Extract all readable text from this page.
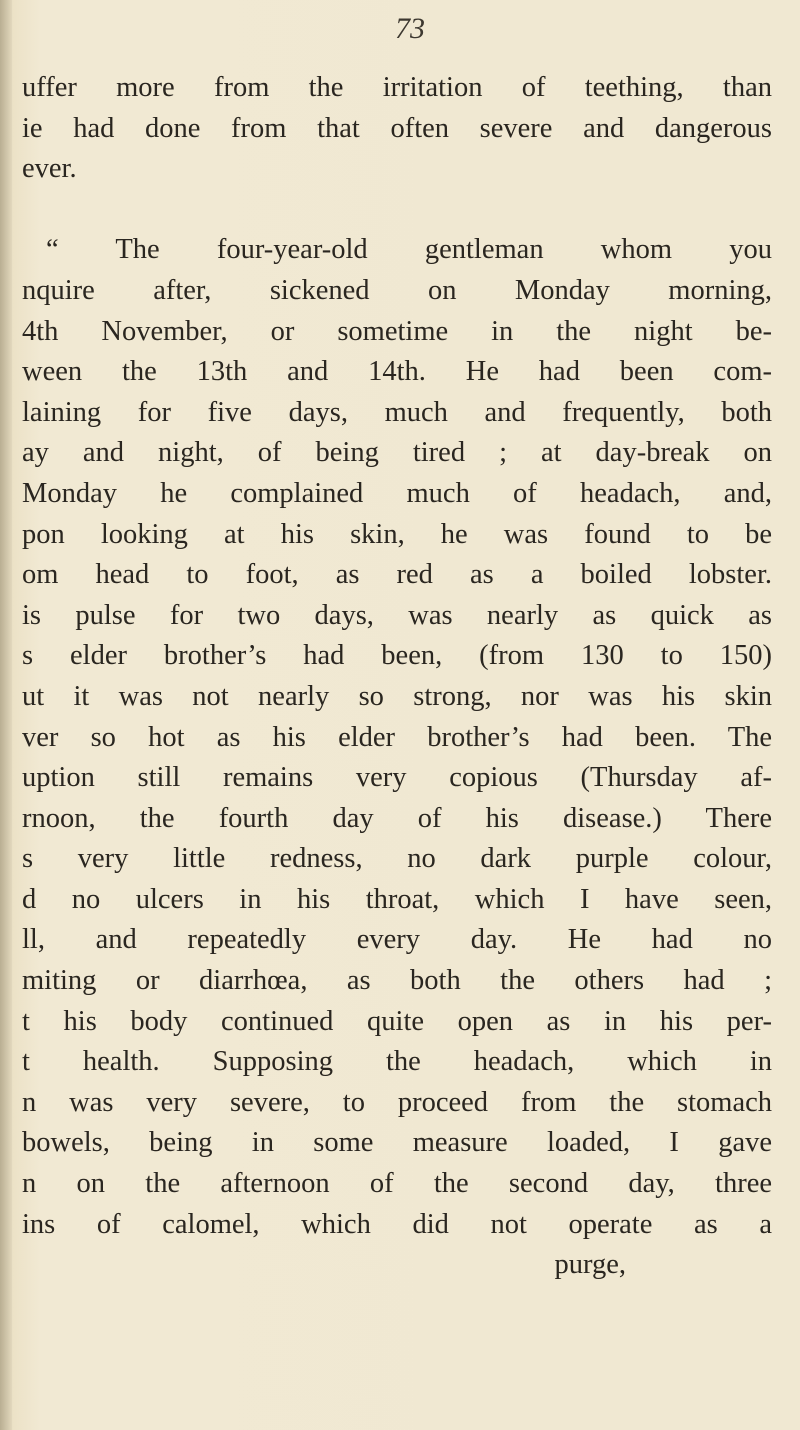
73
uffer more from the irritation of teething, than
ie had done from that often severe and dangerous
ever.
“ The four-year-old gentleman whom you
nquire after, sickened on Monday morning,
4th November, or sometime in the night be-
ween the 13th and 14th. He had been com-
laining for five days, much and frequently, both
ay and night, of being tired ; at day-break on
Monday he complained much of headach, and,
pon looking at his skin, he was found to be
om head to foot, as red as a boiled lobster.
is pulse for two days, was nearly as quick as
s elder brother’s had been, (from 130 to 150)
ut it was not nearly so strong, nor was his skin
ver so hot as his elder brother’s had been. The
uption still remains very copious (Thursday af-
rnoon, the fourth day of his disease.) There
s very little redness, no dark purple colour,
d no ulcers in his throat, which I have seen,
ll, and repeatedly every day. He had no
miting or diarrhœa, as both the others had ;
t his body continued quite open as in his per-
t health. Supposing the headach, which in
n was very severe, to proceed from the stomach
bowels, being in some measure loaded, I gave
n on the afternoon of the second day, three
ins of calomel, which did not operate as a
purge,
